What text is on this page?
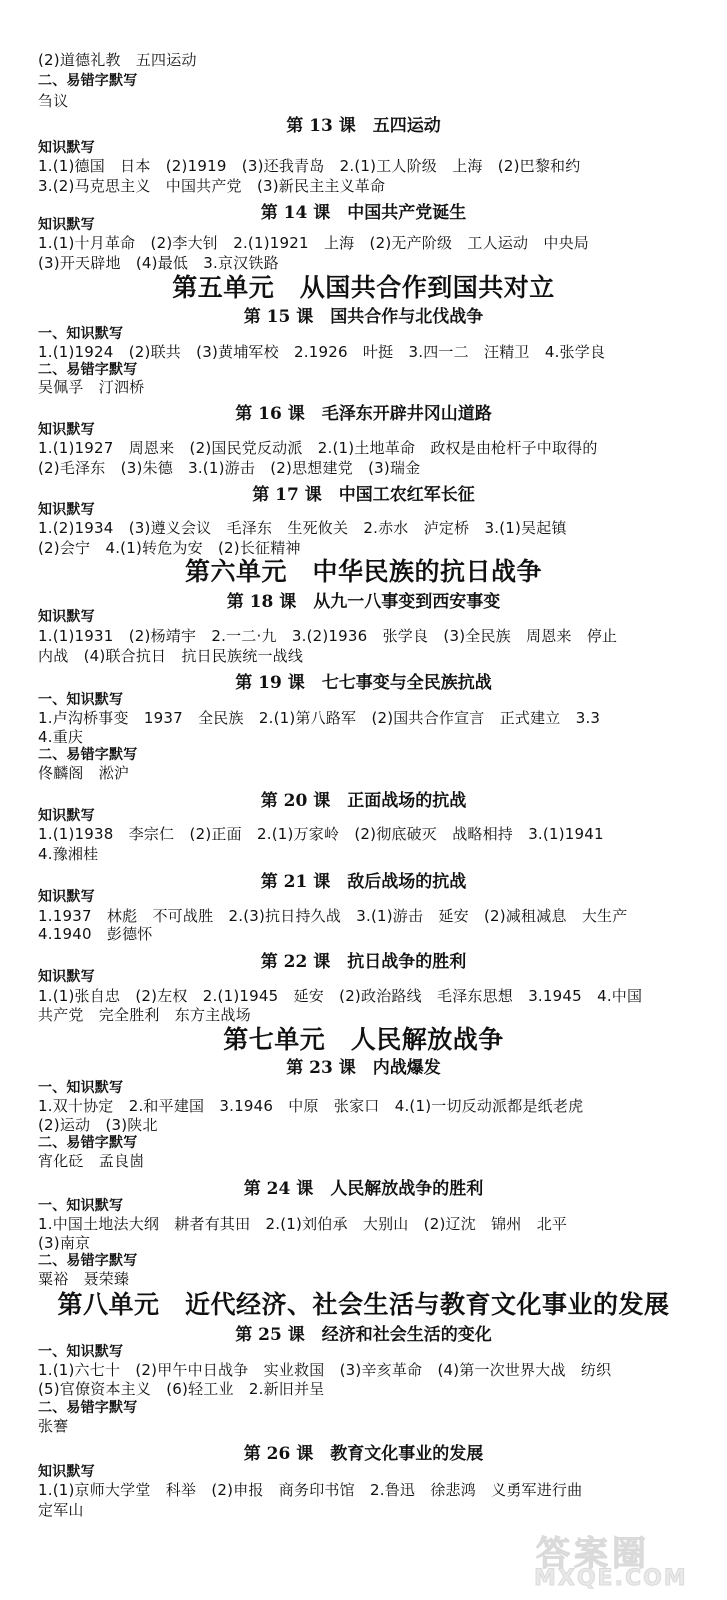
(2)道德礼教　五四运动
二、易错字默写
刍议
第 13 课　五四运动
知识默写
1.(1)德国　日本　(2)1919　(3)还我青岛　2.(1)工人阶级　上海　(2)巴黎和约
3.(2)马克思主义　中国共产党　(3)新民主主义革命
第 14 课　中国共产党诞生
知识默写
1.(1)十月革命　(2)李大钊　2.(1)1921　上海　(2)无产阶级　工人运动　中央局
(3)开天辟地　(4)最低　3.京汉铁路
第五单元　从国共合作到国共对立
第 15 课　国共合作与北伐战争
一、知识默写
1.(1)1924　(2)联共　(3)黄埔军校　2.1926　叶挺　3.四一二　汪精卫　4.张学良
二、易错字默写
吴佩孚　汀泗桥
第 16 课　毛泽东开辟井冈山道路
知识默写
1.(1)1927　周恩来　(2)国民党反动派　2.(1)土地革命　政权是由枪杆子中取得的
(2)毛泽东　(3)朱德　3.(1)游击　(2)思想建党　(3)瑞金
第 17 课　中国工农红军长征
知识默写
1.(2)1934　(3)遵义会议　毛泽东　生死攸关　2.赤水　泸定桥　3.(1)吴起镇
(2)会宁　4.(1)转危为安　(2)长征精神
第六单元　中华民族的抗日战争
第 18 课　从九一八事变到西安事变
知识默写
1.(1)1931　(2)杨靖宇　2.一二·九　3.(2)1936　张学良　(3)全民族　周恩来　停止
内战　(4)联合抗日　抗日民族统一战线
第 19 课　七七事变与全民族抗战
一、知识默写
1.卢沟桥事变　1937　全民族　2.(1)第八路军　(2)国共合作宣言　正式建立　3.3
4.重庆
二、易错字默写
佟麟阁　淞沪
第 20 课　正面战场的抗战
知识默写
1.(1)1938　李宗仁　(2)正面　2.(1)万家岭　(2)彻底破灭　战略相持　3.(1)1941
4.豫湘桂
第 21 课　敌后战场的抗战
知识默写
1.1937　林彪　不可战胜　2.(3)抗日持久战　3.(1)游击　延安　(2)减租减息　大生产
4.1940　彭德怀
第 22 课　抗日战争的胜利
知识默写
1.(1)张自忠　(2)左权　2.(1)1945　延安　(2)政治路线　毛泽东思想　3.1945　4.中国
共产党　完全胜利　东方主战场
第七单元　人民解放战争
第 23 课　内战爆发
一、知识默写
1.双十协定　2.和平建国　3.1946　中原　张家口　4.(1)一切反动派都是纸老虎
(2)运动　(3)陕北
二、易错字默写
宵化砭　孟良崮
第 24 课　人民解放战争的胜利
一、知识默写
1.中国土地法大纲　耕者有其田　2.(1)刘伯承　大别山　(2)辽沈　锦州　北平
(3)南京
二、易错字默写
粟裕　聂荣臻
第八单元　近代经济、社会生活与教育文化事业的发展
第 25 课　经济和社会生活的变化
一、知识默写
1.(1)六七十　(2)甲午中日战争　实业救国　(3)辛亥革命　(4)第一次世界大战　纺织
(5)官僚资本主义　(6)轻工业　2.新旧并呈
二、易错字默写
张謇
第 26 课　教育文化事业的发展
知识默写
1.(1)京师大学堂　科举　(2)申报　商务印书馆　2.鲁迅　徐悲鸿　义勇军进行曲
定军山
答案圈
MXQE.COM
